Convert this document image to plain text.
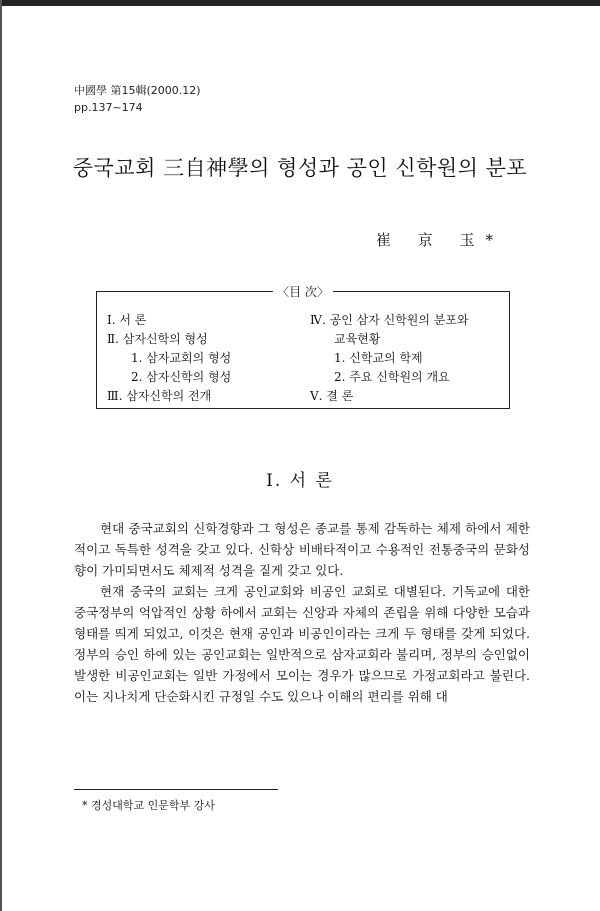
中國學 第15輯(2000.12)
pp.137~174
중국교회 三自神學의 형성과 공인 신학원의 분포
崔 京 玉*
〈目 次〉
Ⅰ. 서 론
Ⅱ. 삼자신학의 형성
1. 삼자교회의 형성
2. 삼자신학의 형성
Ⅲ. 삼자신학의 전개
Ⅳ. 공인 삼자 신학원의 분포와
교육현황
1. 신학교의 학제
2. 주요 신학원의 개요
Ⅴ. 결 론
Ⅰ. 서 론

현대 중국교회의 신학경향과 그 형성은 종교를 통제 감독하는 체제 하에서 제한적이고 독특한 성격을 갖고 있다. 신학상 비배타적이고 수용적인 전통중국의 문화성향이 가미되면서도 체제적 성격을 짙게 갖고 있다.

현재 중국의 교회는 크게 공인교회와 비공인 교회로 대별된다. 기독교에 대한 중국정부의 억압적인 상황 하에서 교회는 신앙과 자체의 존립을 위해 다양한 모습과 형태를 띄게 되었고, 이것은 현재 공인과 비공인이라는 크게 두 형태를 갖게 되었다. 정부의 승인 하에 있는 공인교회는 일반적으로 삼자교회라 불리며, 정부의 승인없이 발생한 비공인교회는 일반 가정에서 모이는 경우가 많으므로 가정교회라고 불린다. 이는 지나치게 단순화시킨 규정일 수도 있으나 이해의 편리를 위해 대

* 경성대학교 인문학부 강사
